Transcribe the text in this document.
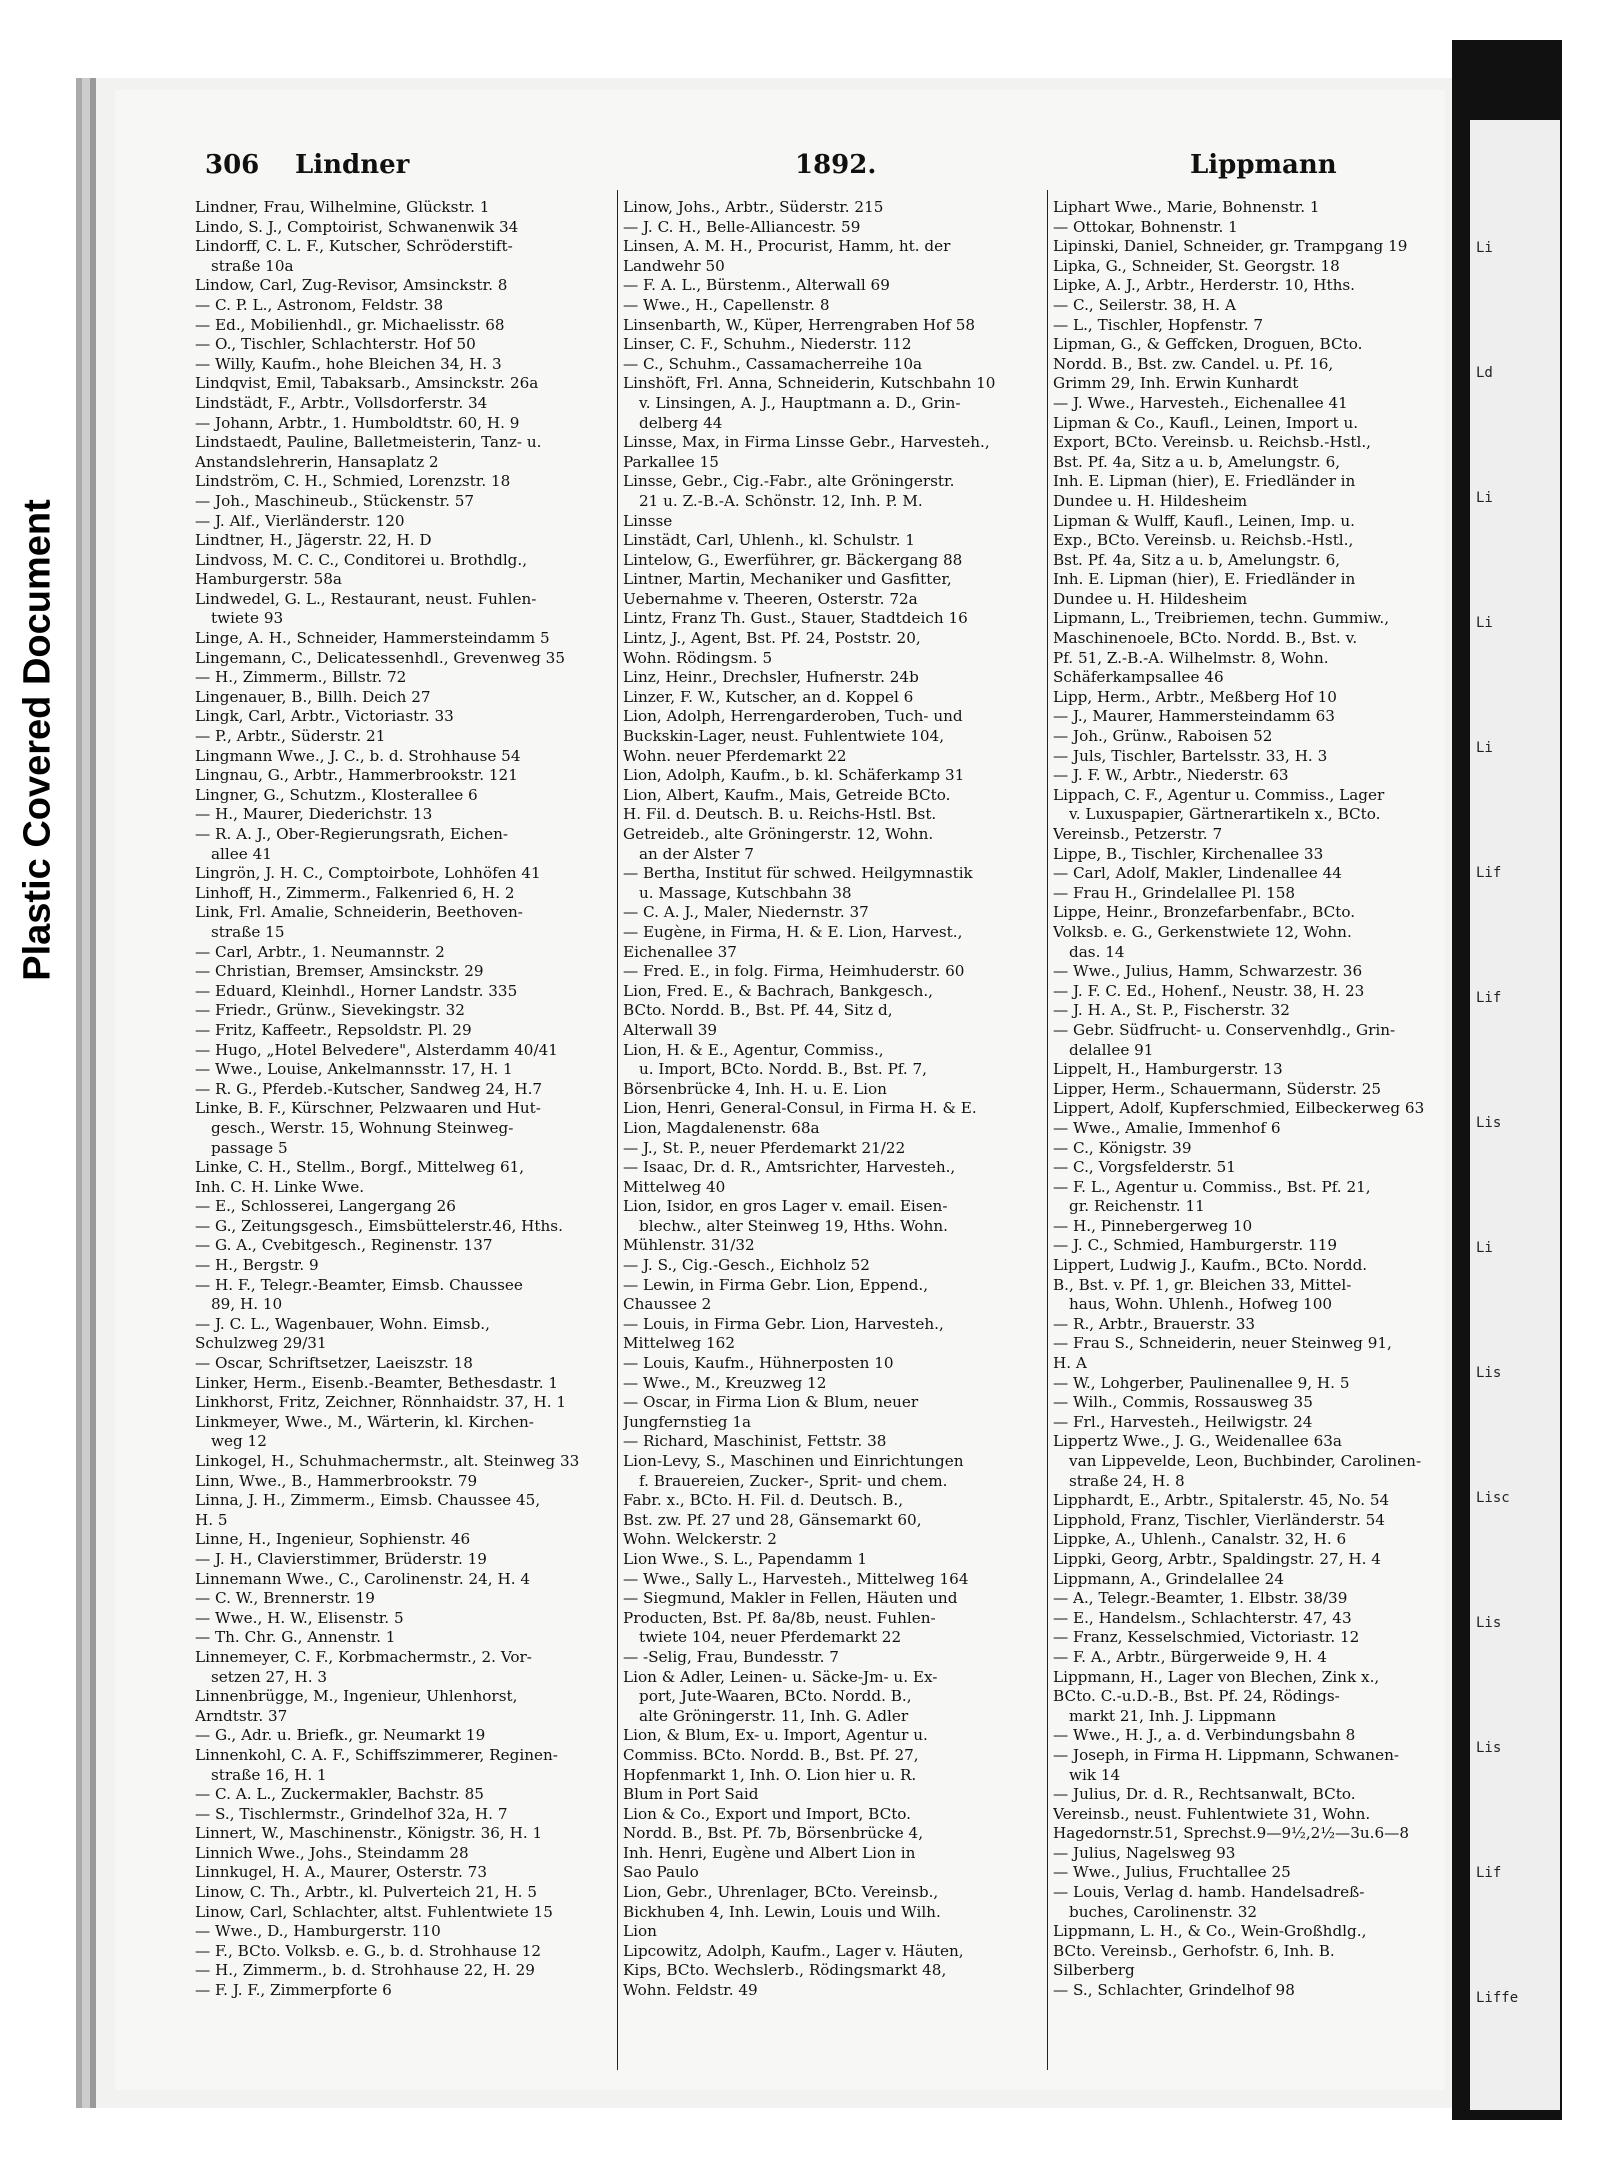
Li
Ld
Li
Li
Li
Lif
Lif
Lis
Li
Lis
Lisc
Lis
Lis
Lif
Liffe
Plastic Covered Document
306 Lindner	1892.	Lippmann
Lindner, Frau, Wilhelmine, Glückstr. 1
Lindo, S. J., Comptoirist, Schwanenwik 34
Lindorff, C. L. F., Kutscher, Schröderstift-
straße 10a
Lindow, Carl, Zug-Revisor, Amsinckstr. 8
— C. P. L., Astronom, Feldstr. 38
— Ed., Mobilienhdl., gr. Michaelisstr. 68
— O., Tischler, Schlachterstr. Hof 50
— Willy, Kaufm., hohe Bleichen 34, H. 3
Lindqvist, Emil, Tabaksarb., Amsinckstr. 26a
Lindstädt, F., Arbtr., Vollsdorferstr. 34
— Johann, Arbtr., 1. Humboldtstr. 60, H. 9
Lindstaedt, Pauline, Balletmeisterin, Tanz- u.
Anstandslehrerin, Hansaplatz 2
Lindström, C. H., Schmied, Lorenzstr. 18
— Joh., Maschineub., Stückenstr. 57
— J. Alf., Vierländerstr. 120
Lindtner, H., Jägerstr. 22, H. D
Lindvoss, M. C. C., Conditorei u. Brothdlg.,
Hamburgerstr. 58a
Lindwedel, G. L., Restaurant, neust. Fuhlen-
twiete 93
Linge, A. H., Schneider, Hammersteindamm 5
Lingemann, C., Delicatessenhdl., Grevenweg 35
— H., Zimmerm., Billstr. 72
Lingenauer, B., Billh. Deich 27
Lingk, Carl, Arbtr., Victoriastr. 33
— P., Arbtr., Süderstr. 21
Lingmann Wwe., J. C., b. d. Strohhause 54
Lingnau, G., Arbtr., Hammerbrookstr. 121
Lingner, G., Schutzm., Klosterallee 6
— H., Maurer, Diederichstr. 13
— R. A. J., Ober-Regierungsrath, Eichen-
allee 41
Lingrön, J. H. C., Comptoirbote, Lohhöfen 41
Linhoff, H., Zimmerm., Falkenried 6, H. 2
Link, Frl. Amalie, Schneiderin, Beethoven-
straße 15
— Carl, Arbtr., 1. Neumannstr. 2
— Christian, Bremser, Amsinckstr. 29
— Eduard, Kleinhdl., Horner Landstr. 335
— Friedr., Grünw., Sievekingstr. 32
— Fritz, Kaffeetr., Repsoldstr. Pl. 29
— Hugo, „Hotel Belvedere", Alsterdamm 40/41
— Wwe., Louise, Ankelmannsstr. 17, H. 1
— R. G., Pferdeb.-Kutscher, Sandweg 24, H.7
Linke, B. F., Kürschner, Pelzwaaren und Hut-
gesch., Werstr. 15, Wohnung Steinweg-
passage 5
Linke, C. H., Stellm., Borgf., Mittelweg 61,
Inh. C. H. Linke Wwe.
— E., Schlosserei, Langergang 26
— G., Zeitungsgesch., Eimsbüttelerstr.46, Hths.
— G. A., Cvebitgesch., Reginenstr. 137
— H., Bergstr. 9
— H. F., Telegr.-Beamter, Eimsb. Chaussee
89, H. 10
— J. C. L., Wagenbauer, Wohn. Eimsb.,
Schulzweg 29/31
— Oscar, Schriftsetzer, Laeiszstr. 18
Linker, Herm., Eisenb.-Beamter, Bethesdastr. 1
Linkhorst, Fritz, Zeichner, Rönnhaidstr. 37, H. 1
Linkmeyer, Wwe., M., Wärterin, kl. Kirchen-
weg 12
Linkogel, H., Schuhmachermstr., alt. Steinweg 33
Linn, Wwe., B., Hammerbrookstr. 79
Linna, J. H., Zimmerm., Eimsb. Chaussee 45,
H. 5
Linne, H., Ingenieur, Sophienstr. 46
— J. H., Clavierstimmer, Brüderstr. 19
Linnemann Wwe., C., Carolinenstr. 24, H. 4
— C. W., Brennerstr. 19
— Wwe., H. W., Elisenstr. 5
— Th. Chr. G., Annenstr. 1
Linnemeyer, C. F., Korbmachermstr., 2. Vor-
setzen 27, H. 3
Linnenbrügge, M., Ingenieur, Uhlenhorst,
Arndtstr. 37
— G., Adr. u. Briefk., gr. Neumarkt 19
Linnenkohl, C. A. F., Schiffszimmerer, Reginen-
straße 16, H. 1
— C. A. L., Zuckermakler, Bachstr. 85
— S., Tischlermstr., Grindelhof 32a, H. 7
Linnert, W., Maschinenstr., Königstr. 36, H. 1
Linnich Wwe., Johs., Steindamm 28
Linnkugel, H. A., Maurer, Osterstr. 73
Linow, C. Th., Arbtr., kl. Pulverteich 21, H. 5
Linow, Carl, Schlachter, altst. Fuhlentwiete 15
— Wwe., D., Hamburgerstr. 110
— F., BCto. Volksb. e. G., b. d. Strohhause 12
— H., Zimmerm., b. d. Strohhause 22, H. 29
— F. J. F., Zimmerpforte 6
Linow, Johs., Arbtr., Süderstr. 215
— J. C. H., Belle-Alliancestr. 59
Linsen, A. M. H., Procurist, Hamm, ht. der
Landwehr 50
— F. A. L., Bürstenm., Alterwall 69
— Wwe., H., Capellenstr. 8
Linsenbarth, W., Küper, Herrengraben Hof 58
Linser, C. F., Schuhm., Niederstr. 112
— C., Schuhm., Cassamacherreihe 10a
Linshöft, Frl. Anna, Schneiderin, Kutschbahn 10
v. Linsingen, A. J., Hauptmann a. D., Grin-
delberg 44
Linsse, Max, in Firma Linsse Gebr., Harvesteh.,
Parkallee 15
Linsse, Gebr., Cig.-Fabr., alte Gröningerstr.
21 u. Z.-B.-A. Schönstr. 12, Inh. P. M.
Linsse
Linstädt, Carl, Uhlenh., kl. Schulstr. 1
Lintelow, G., Ewerführer, gr. Bäckergang 88
Lintner, Martin, Mechaniker und Gasfitter,
Uebernahme v. Theeren, Osterstr. 72a
Lintz, Franz Th. Gust., Stauer, Stadtdeich 16
Lintz, J., Agent, Bst. Pf. 24, Poststr. 20,
Wohn. Rödingsm. 5
Linz, Heinr., Drechsler, Hufnerstr. 24b
Linzer, F. W., Kutscher, an d. Koppel 6
Lion, Adolph, Herrengarderoben, Tuch- und
Buckskin-Lager, neust. Fuhlentwiete 104,
Wohn. neuer Pferdemarkt 22
Lion, Adolph, Kaufm., b. kl. Schäferkamp 31
Lion, Albert, Kaufm., Mais, Getreide BCto.
H. Fil. d. Deutsch. B. u. Reichs-Hstl. Bst.
Getreideb., alte Gröningerstr. 12, Wohn.
an der Alster 7
— Bertha, Institut für schwed. Heilgymnastik
u. Massage, Kutschbahn 38
— C. A. J., Maler, Niedernstr. 37
— Eugène, in Firma, H. & E. Lion, Harvest.,
Eichenallee 37
— Fred. E., in folg. Firma, Heimhuderstr. 60
Lion, Fred. E., & Bachrach, Bankgesch.,
BCto. Nordd. B., Bst. Pf. 44, Sitz d,
Alterwall 39
Lion, H. & E., Agentur, Commiss.,
u. Import, BCto. Nordd. B., Bst. Pf. 7,
Börsenbrücke 4, Inh. H. u. E. Lion
Lion, Henri, General-Consul, in Firma H. & E.
Lion, Magdalenenstr. 68a
— J., St. P., neuer Pferdemarkt 21/22
— Isaac, Dr. d. R., Amtsrichter, Harvesteh.,
Mittelweg 40
Lion, Isidor, en gros Lager v. email. Eisen-
blechw., alter Steinweg 19, Hths. Wohn.
Mühlenstr. 31/32
— J. S., Cig.-Gesch., Eichholz 52
— Lewin, in Firma Gebr. Lion, Eppend.,
Chaussee 2
— Louis, in Firma Gebr. Lion, Harvesteh.,
Mittelweg 162
— Louis, Kaufm., Hühnerposten 10
— Wwe., M., Kreuzweg 12
— Oscar, in Firma Lion & Blum, neuer
Jungfernstieg 1a
— Richard, Maschinist, Fettstr. 38
Lion-Levy, S., Maschinen und Einrichtungen
f. Brauereien, Zucker-, Sprit- und chem.
Fabr. x., BCto. H. Fil. d. Deutsch. B.,
Bst. zw. Pf. 27 und 28, Gänsemarkt 60,
Wohn. Welckerstr. 2
Lion Wwe., S. L., Papendamm 1
— Wwe., Sally L., Harvesteh., Mittelweg 164
— Siegmund, Makler in Fellen, Häuten und
Producten, Bst. Pf. 8a/8b, neust. Fuhlen-
twiete 104, neuer Pferdemarkt 22
— -Selig, Frau, Bundesstr. 7
Lion & Adler, Leinen- u. Säcke-Jm- u. Ex-
port, Jute-Waaren, BCto. Nordd. B.,
alte Gröningerstr. 11, Inh. G. Adler
Lion, & Blum, Ex- u. Import, Agentur u.
Commiss. BCto. Nordd. B., Bst. Pf. 27,
Hopfenmarkt 1, Inh. O. Lion hier u. R.
Blum in Port Said
Lion & Co., Export und Import, BCto.
Nordd. B., Bst. Pf. 7b, Börsenbrücke 4,
Inh. Henri, Eugène und Albert Lion in
Sao Paulo
Lion, Gebr., Uhrenlager, BCto. Vereinsb.,
Bickhuben 4, Inh. Lewin, Louis und Wilh.
Lion
Lipcowitz, Adolph, Kaufm., Lager v. Häuten,
Kips, BCto. Wechslerb., Rödingsmarkt 48,
Wohn. Feldstr. 49
Liphart Wwe., Marie, Bohnenstr. 1
— Ottokar, Bohnenstr. 1
Lipinski, Daniel, Schneider, gr. Trampgang 19
Lipka, G., Schneider, St. Georgstr. 18
Lipke, A. J., Arbtr., Herderstr. 10, Hths.
— C., Seilerstr. 38, H. A
— L., Tischler, Hopfenstr. 7
Lipman, G., & Geffcken, Droguen, BCto.
Nordd. B., Bst. zw. Candel. u. Pf. 16,
Grimm 29, Inh. Erwin Kunhardt
— J. Wwe., Harvesteh., Eichenallee 41
Lipman & Co., Kaufl., Leinen, Import u.
Export, BCto. Vereinsb. u. Reichsb.-Hstl.,
Bst. Pf. 4a, Sitz a u. b, Amelungstr. 6,
Inh. E. Lipman (hier), E. Friedländer in
Dundee u. H. Hildesheim
Lipman & Wulff, Kaufl., Leinen, Imp. u.
Exp., BCto. Vereinsb. u. Reichsb.-Hstl.,
Bst. Pf. 4a, Sitz a u. b, Amelungstr. 6,
Inh. E. Lipman (hier), E. Friedländer in
Dundee u. H. Hildesheim
Lipmann, L., Treibriemen, techn. Gummiw.,
Maschinenoele, BCto. Nordd. B., Bst. v.
Pf. 51, Z.-B.-A. Wilhelmstr. 8, Wohn.
Schäferkampsallee 46
Lipp, Herm., Arbtr., Meßberg Hof 10
— J., Maurer, Hammersteindamm 63
— Joh., Grünw., Raboisen 52
— Juls, Tischler, Bartelsstr. 33, H. 3
— J. F. W., Arbtr., Niederstr. 63
Lippach, C. F., Agentur u. Commiss., Lager
v. Luxuspapier, Gärtnerartikeln x., BCto.
Vereinsb., Petzerstr. 7
Lippe, B., Tischler, Kirchenallee 33
— Carl, Adolf, Makler, Lindenallee 44
— Frau H., Grindelallee Pl. 158
Lippe, Heinr., Bronzefarbenfabr., BCto.
Volksb. e. G., Gerkenstwiete 12, Wohn.
das. 14
— Wwe., Julius, Hamm, Schwarzestr. 36
— J. F. C. Ed., Hohenf., Neustr. 38, H. 23
— J. H. A., St. P., Fischerstr. 32
— Gebr. Südfrucht- u. Conservenhdlg., Grin-
delallee 91
Lippelt, H., Hamburgerstr. 13
Lipper, Herm., Schauermann, Süderstr. 25
Lippert, Adolf, Kupferschmied, Eilbeckerweg 63
— Wwe., Amalie, Immenhof 6
— C., Königstr. 39
— C., Vorgsfelderstr. 51
— F. L., Agentur u. Commiss., Bst. Pf. 21,
gr. Reichenstr. 11
— H., Pinnebergerweg 10
— J. C., Schmied, Hamburgerstr. 119
Lippert, Ludwig J., Kaufm., BCto. Nordd.
B., Bst. v. Pf. 1, gr. Bleichen 33, Mittel-
haus, Wohn. Uhlenh., Hofweg 100
— R., Arbtr., Brauerstr. 33
— Frau S., Schneiderin, neuer Steinweg 91,
H. A
— W., Lohgerber, Paulinenallee 9, H. 5
— Wilh., Commis, Rossausweg 35
— Frl., Harvesteh., Heilwigstr. 24
Lippertz Wwe., J. G., Weidenallee 63a
van Lippevelde, Leon, Buchbinder, Carolinen-
straße 24, H. 8
Lipphardt, E., Arbtr., Spitalerstr. 45, No. 54
Lipphold, Franz, Tischler, Vierländerstr. 54
Lippke, A., Uhlenh., Canalstr. 32, H. 6
Lippki, Georg, Arbtr., Spaldingstr. 27, H. 4
Lippmann, A., Grindelallee 24
— A., Telegr.-Beamter, 1. Elbstr. 38/39
— E., Handelsm., Schlachterstr. 47, 43
— Franz, Kesselschmied, Victoriastr. 12
— F. A., Arbtr., Bürgerweide 9, H. 4
Lippmann, H., Lager von Blechen, Zink x.,
BCto. C.-u.D.-B., Bst. Pf. 24, Rödings-
markt 21, Inh. J. Lippmann
— Wwe., H. J., a. d. Verbindungsbahn 8
— Joseph, in Firma H. Lippmann, Schwanen-
wik 14
— Julius, Dr. d. R., Rechtsanwalt, BCto.
Vereinsb., neust. Fuhlentwiete 31, Wohn.
Hagedornstr.51, Sprechst.9—9½,2½—3u.6—8
— Julius, Nagelsweg 93
— Wwe., Julius, Fruchtallee 25
— Louis, Verlag d. hamb. Handelsadreß-
buches, Carolinenstr. 32
Lippmann, L. H., & Co., Wein-Großhdlg.,
BCto. Vereinsb., Gerhofstr. 6, Inh. B.
Silberberg
— S., Schlachter, Grindelhof 98
